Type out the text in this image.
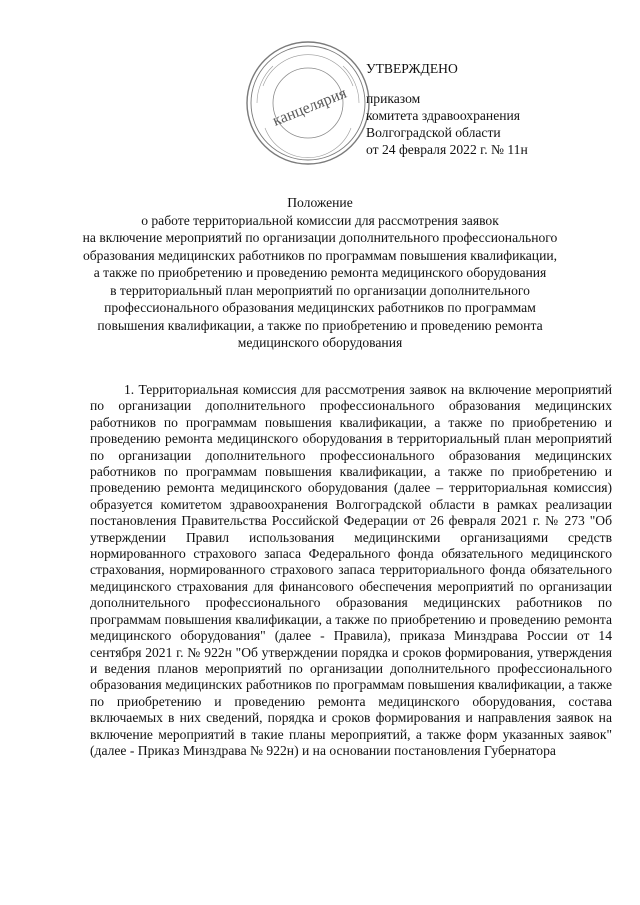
канцелярия
УТВЕРЖДЕНО
приказом
комитета здравоохранения
Волгоградской области
от 24 февраля 2022 г. № 11н
Положение
о работе территориальной комиссии для рассмотрения заявок
на включение мероприятий по организации дополнительного профессионального
образования медицинских работников по программам повышения квалификации,
а также по приобретению и проведению ремонта медицинского оборудования
в территориальный план мероприятий по организации дополнительного
профессионального образования медицинских работников по программам
повышения квалификации, а также по приобретению и проведению ремонта
медицинского оборудования

1. Территориальная комиссия для рассмотрения заявок на включение мероприятий по организации дополнительного профессионального образования медицинских работников по программам повышения квалификации, а также по приобретению и проведению ремонта медицинского оборудования в территориальный план мероприятий по организации дополнительного профессионального образования медицинских работников по программам повышения квалификации, а также по приобретению и проведению ремонта медицинского оборудования (далее – территориальная комиссия) образуется комитетом здравоохранения Волгоградской области в рамках реализации постановления Правительства Российской Федерации от 26 февраля 2021 г. № 273 "Об утверждении Правил использования медицинскими организациями средств нормированного страхового запаса Федерального фонда обязательного медицинского страхования, нормированного страхового запаса территориального фонда обязательного медицинского страхования для финансового обеспечения мероприятий по организации дополнительного профессионального образования медицинских работников по программам повышения квалификации, а также по приобретению и проведению ремонта медицинского оборудования" (далее - Правила), приказа Минздрава России от 14 сентября 2021 г. № 922н "Об утверждении порядка и сроков формирования, утверждения и ведения планов мероприятий по организации дополнительного профессионального образования медицинских работников по программам повышения квалификации, а также по приобретению и проведению ремонта медицинского оборудования, состава включаемых в них сведений, порядка и сроков формирования и направления заявок на включение мероприятий в такие планы мероприятий, а также форм указанных заявок" (далее - Приказ Минздрава № 922н) и на основании постановления Губернатора
